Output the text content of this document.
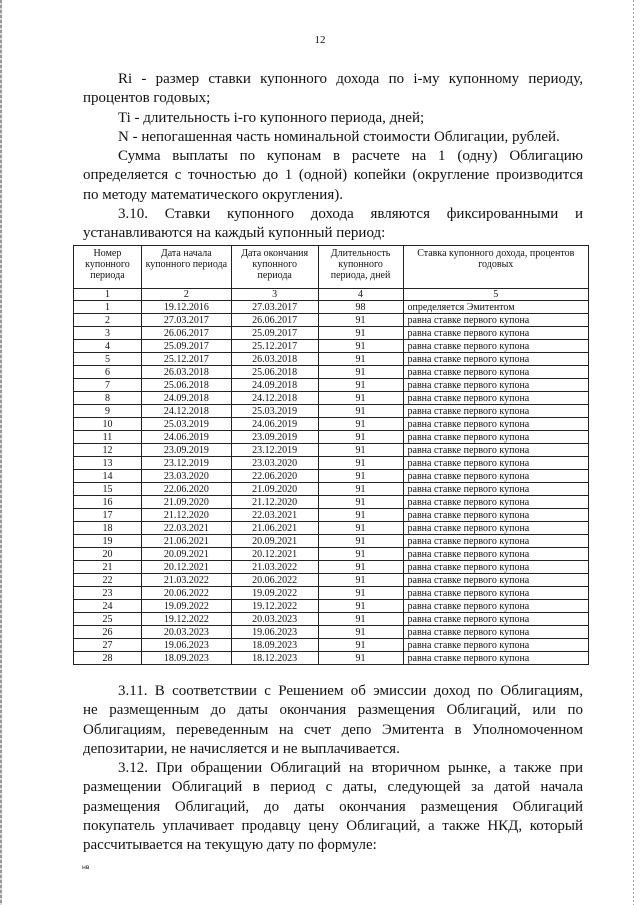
12
Ri - размер ставки купонного дохода по i-му купонному периоду,
процентов годовых;
Ti - длительность i-го купонного периода, дней;
N - непогашенная часть номинальной стоимости Облигации, рублей.
Сумма выплаты по купонам в расчете на 1 (одну) Облигацию
определяется с точностью до 1 (одной) копейки (округление производится
по методу математического округления).
3.10. Ставки купонного дохода являются фиксированными и
устанавливаются на каждый купонный период:
Номер купонного периода	Дата начала купонного периода	Дата окончания купонного периода	Длительность купонного периода, дней	Ставка купонного дохода, процентов годовых
1	2	3	4	5
1	19.12.2016	27.03.2017	98	определяется Эмитентом
2	27.03.2017	26.06.2017	91	равна ставке первого купона
3	26.06.2017	25.09.2017	91	равна ставке первого купона
4	25.09.2017	25.12.2017	91	равна ставке первого купона
5	25.12.2017	26.03.2018	91	равна ставке первого купона
6	26.03.2018	25.06.2018	91	равна ставке первого купона
7	25.06.2018	24.09.2018	91	равна ставке первого купона
8	24.09.2018	24.12.2018	91	равна ставке первого купона
9	24.12.2018	25.03.2019	91	равна ставке первого купона
10	25.03.2019	24.06.2019	91	равна ставке первого купона
11	24.06.2019	23.09.2019	91	равна ставке первого купона
12	23.09.2019	23.12.2019	91	равна ставке первого купона
13	23.12.2019	23.03.2020	91	равна ставке первого купона
14	23.03.2020	22.06.2020	91	равна ставке первого купона
15	22.06.2020	21.09.2020	91	равна ставке первого купона
16	21.09.2020	21.12.2020	91	равна ставке первого купона
17	21.12.2020	22.03.2021	91	равна ставке первого купона
18	22.03.2021	21.06.2021	91	равна ставке первого купона
19	21.06.2021	20.09.2021	91	равна ставке первого купона
20	20.09.2021	20.12.2021	91	равна ставке первого купона
21	20.12.2021	21.03.2022	91	равна ставке первого купона
22	21.03.2022	20.06.2022	91	равна ставке первого купона
23	20.06.2022	19.09.2022	91	равна ставке первого купона
24	19.09.2022	19.12.2022	91	равна ставке первого купона
25	19.12.2022	20.03.2023	91	равна ставке первого купона
26	20.03.2023	19.06.2023	91	равна ставке первого купона
27	19.06.2023	18.09.2023	91	равна ставке первого купона
28	18.09.2023	18.12.2023	91	равна ставке первого купона
3.11. В соответствии с Решением об эмиссии доход по Облигациям,
не размещенным до даты окончания размещения Облигаций, или по
Облигациям, переведенным на счет депо Эмитента в Уполномоченном
депозитарии, не начисляется и не выплачивается.
3.12. При обращении Облигаций на вторичном рынке, а также при
размещении Облигаций в период с даты, следующей за датой начала
размещения Облигаций, до даты окончания размещения Облигаций
покупатель уплачивает продавцу цену Облигаций, а также НКД, который
рассчитывается на текущую дату по формуле:
нв
